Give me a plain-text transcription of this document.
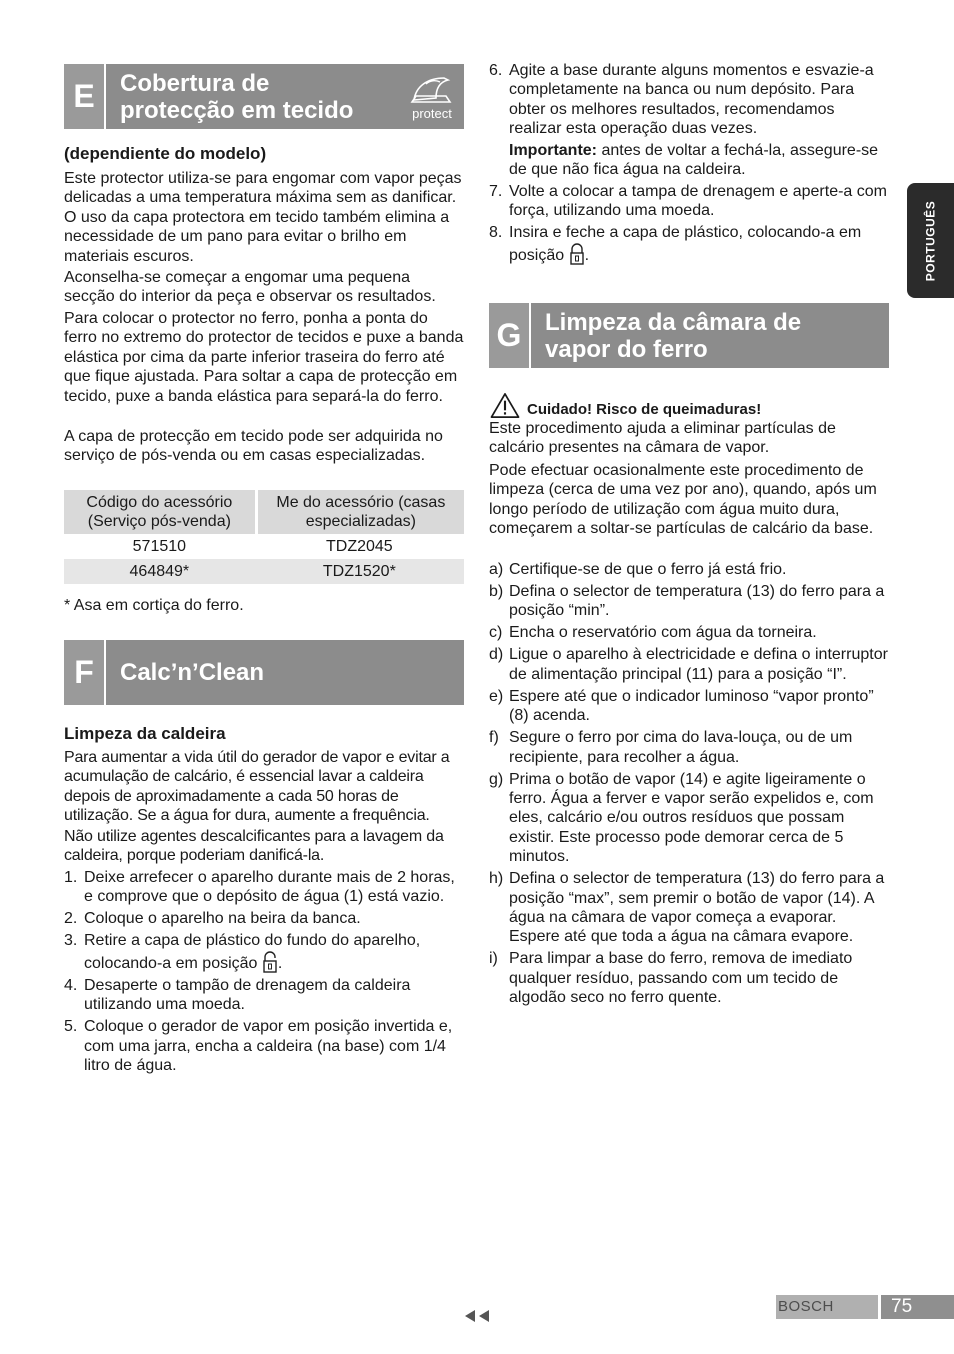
PORTUGUÊS
E	Cobertura de
protecção em tecido	protect
(dependiente do modelo)
Este protector utiliza-se para engomar com vapor peças delicadas a uma temperatura máxima sem as danificar. O uso da capa protectora em tecido também elimina a necessidade de um pano para evitar o brilho em materiais escuros.
Aconselha-se começar a engomar uma pequena secção do interior da peça e observar os resultados.
Para colocar o protector no ferro, ponha a ponta do ferro no extremo do protector de tecidos e puxe a banda elástica por cima da parte inferior traseira do ferro até que fique ajustada. Para soltar a capa de protecção em tecido, puxe a banda elástica para separá-la do ferro.
A capa de protecção em tecido pode ser adquirida no serviço de pós-venda ou em casas especializadas.
Código do acessório (Serviço pós-venda)	Me do acessório (casas especializadas)
571510	TDZ2045
464849*	TDZ1520*
* Asa em cortiça do ferro.
F	Calc’n’Clean
Limpeza da caldeira
Para aumentar a vida útil do gerador de vapor e evitar a acumulação de calcário, é essencial lavar a caldeira depois de aproximadamente a cada 50 horas de utilização. Se a água for dura, aumente a frequência.
Não utilize agentes descalcificantes para a lavagem da caldeira, porque poderiam danificá-la.
1. Deixe arrefecer o aparelho durante mais de 2 horas, e comprove que o depósito de água (1) está vazio.
2. Coloque o aparelho na beira da banca.
3. Retire a capa de plástico do fundo do aparelho, colocando-a em posição .
4. Desaperte o tampão de drenagem da caldeira utilizando uma moeda.
5. Coloque o gerador de vapor em posição invertida e, com uma jarra, encha a caldeira (na base) com 1/4 litro de água.
6. Agite a base durante alguns momentos e esvazie-a completamente na banca ou num depósito. Para obter os melhores resultados, recomendamos realizar esta operação duas vezes.
Importante: antes de voltar a fechá-la, assegure-se de que não fica água na caldeira.
7. Volte a colocar a tampa de drenagem e aperte-a com força, utilizando uma moeda.
8. Insira e feche a capa de plástico, colocando-a em posição .
G Limpeza da câmara de
vapor do ferro
Cuidado! Risco de queimaduras!
Este procedimento ajuda a eliminar partículas de calcário presentes na câmara de vapor.
Pode efectuar ocasionalmente este procedimento de limpeza (cerca de uma vez por ano), quando, após um longo período de utilização com água muito dura, começarem a soltar-se partículas de calcário da base.
a) Certifique-se de que o ferro já está frio.
b) Defina o selector de temperatura (13) do ferro para a posição “min”.
c) Encha o reservatório com água da torneira.
d) Ligue o aparelho à electricidade e defina o interruptor de alimentação principal (11) para a posição “I”.
e) Espere até que o indicador luminoso “vapor pronto” (8) acenda.
f) Segure o ferro por cima do lava-louça, ou de um recipiente, para recolher a água.
g) Prima o botão de vapor (14) e agite ligeiramente o ferro. Água a ferver e vapor serão expelidos e, com eles, calcário e/ou outros resíduos que possam existir. Este processo pode demorar cerca de 5 minutos.
h) Defina o selector de temperatura (13) do ferro para a posição “max”, sem premir o botão de vapor (14). A água na câmara de vapor começa a evaporar. Espere até que toda a água na câmara evapore.
i) Para limpar a base do ferro, remova de imediato qualquer resíduo, passando com um tecido de algodão seco no ferro quente.
BOSCH	75
